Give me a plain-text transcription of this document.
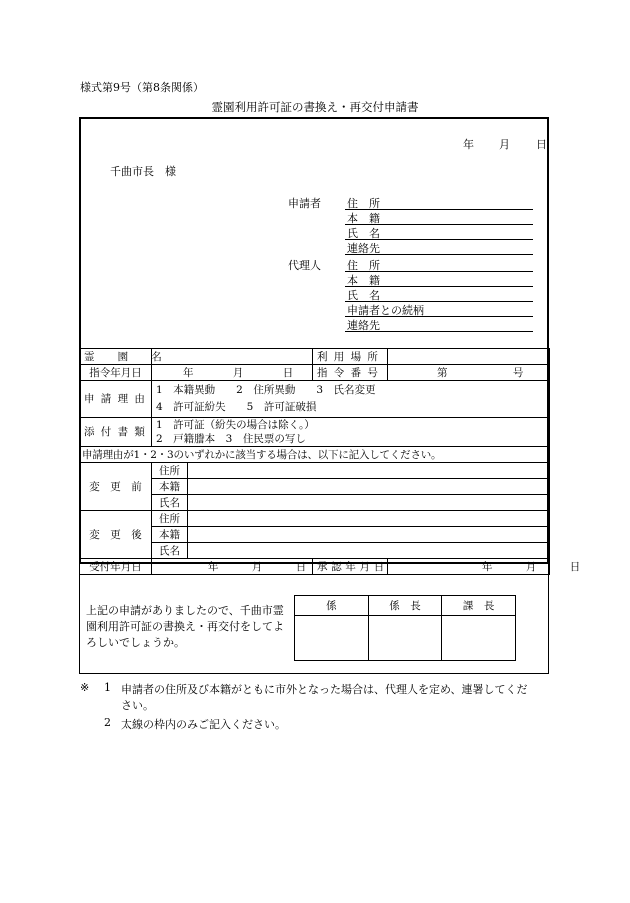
様式第9号（第8条関係）
霊園利用許可証の書換え・再交付申請書
年 月 日
千曲市長　様
申請者 住　所
本　籍
氏　名
連絡先
代理人 住　所
本　籍
氏　名
申請者との続柄
連絡先
霊　園　名			利用場所	
指令年月日	年 月 日		指令番号	第 号
申請理由	1　本籍異動　　2　住所異動　　3　氏名変更
4　許可証紛失　　5　許可証破損			

添付書類	1　許可証（紛失の場合は除く。）
2　戸籍謄本　3　住民票の写し			

申請理由が1・2・3のいずれかに該当する場合は、以下に記入してください。				
変　更　前	住所			
	本籍			
	氏名			
変　更　後	住所			
	本籍			
	氏名			
受付年月日	年 月 日		承認年月日	年 月 日
上記の申請がありましたので、千曲市霊園利用許可証の書換え・再交付をしてよろしいでしょうか。
係	係　長	課　長

※ 1 申請者の住所及び本籍がともに市外となった場合は、代理人を定め、連署してくだ
さい。
2 太線の枠内のみご記入ください。
